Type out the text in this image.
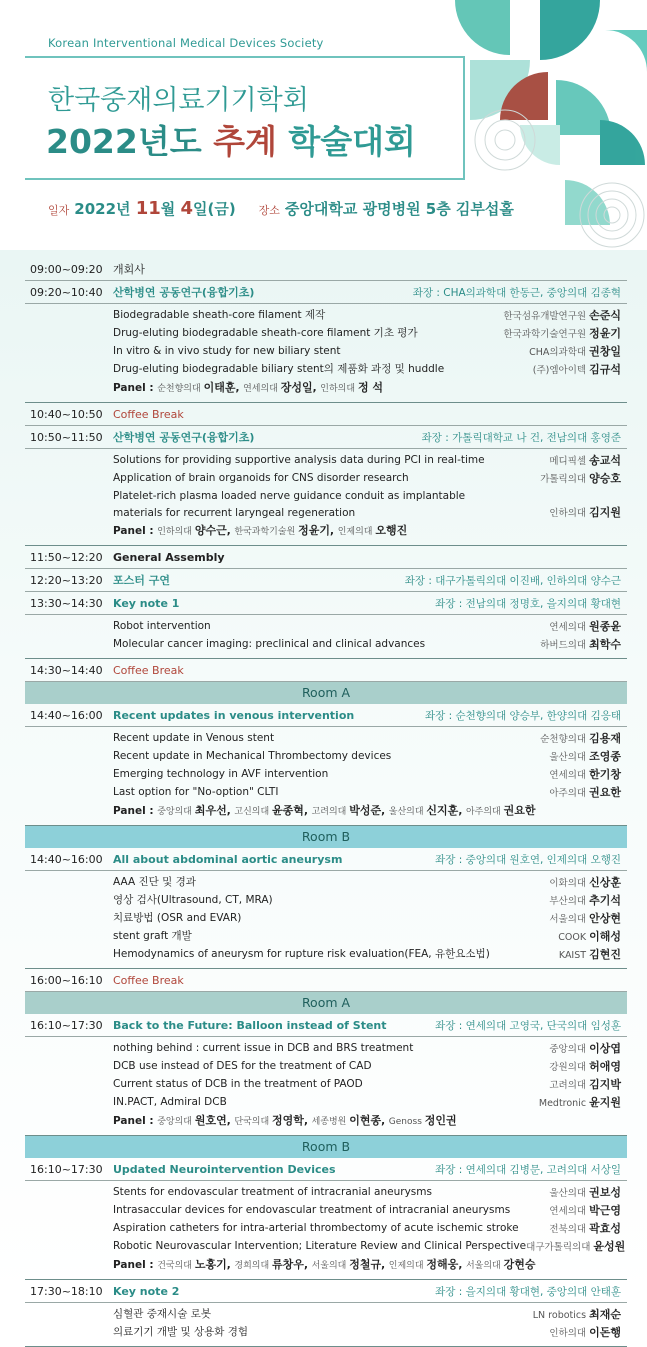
Korean Interventional Medical Devices Society
한국중재의료기기학회
2022년도 추계 학술대회
일자 2022년 11월 4일(금) 장소 중앙대학교 광명병원 5층 김부섭홀
09:00~09:20 개회사
09:20~10:40 산학병연 공동연구(융합기초)	좌장 : CHA의과학대 한동근, 중앙의대 김종혁
Biodegradable sheath-core filament 제작	한국섬유개발연구원 손준식
Drug-eluting biodegradable sheath-core filament 기초 평가	한국과학기술연구원 정윤기
In vitro & in vivo study for new biliary stent	CHA의과학대 권창일
Drug-eluting biodegradable biliary stent의 제품화 과정 및 huddle	(주)엠아이텍 김규석
Panel : 순천향의대 이태훈, 연세의대 장성일, 인하의대 정 석
10:40~10:50 Coffee Break
10:50~11:50 산학병연 공동연구(융합기초)	좌장 : 가톨릭대학교 나 건, 전남의대 홍영준
Solutions for providing supportive analysis data during PCI in real-time	메디픽셀 송교석
Application of brain organoids for CNS disorder research	가톨릭의대 양승호
Platelet-rich plasma loaded nerve guidance conduit as implantable materials for recurrent laryngeal regeneration	인하의대 김지원
Panel : 인하의대 양수근, 한국과학기술원 정윤기, 인제의대 오행진
11:50~12:20 General Assembly
12:20~13:20 포스터 구연	좌장 : 대구가톨릭의대 이진배, 인하의대 양수근
13:30~14:30 Key note 1	좌장 : 전남의대 정명호, 을지의대 황대현
Robot intervention	연세의대 원종윤
Molecular cancer imaging: preclinical and clinical advances	하버드의대 최학수
14:30~14:40 Coffee Break
Room A
14:40~16:00 Recent updates in venous intervention	좌장 : 순천향의대 양승부, 한양의대 김응태
Recent update in Venous stent	순천향의대 김용재
Recent update in Mechanical Thrombectomy devices	울산의대 조영종
Emerging technology in AVF intervention	연세의대 한기창
Last option for "No-option" CLTI	아주의대 권요한
Panel : 중앙의대 최우선, 고신의대 윤종혁, 고려의대 박성준, 울산의대 신지훈, 아주의대 권요한
Room B
14:40~16:00 All about abdominal aortic aneurysm	좌장 : 중앙의대 원호연, 인제의대 오행진
AAA 진단 및 경과	이화의대 신상훈
영상 검사(Ultrasound, CT, MRA)	부산의대 추기석
치료방법 (OSR and EVAR)	서울의대 안상현
stent graft 개발	COOK 이해성
Hemodynamics of aneurysm for rupture risk evaluation(FEA, 유한요소법)	KAIST 김현진
16:00~16:10 Coffee Break
Room A
16:10~17:30 Back to the Future: Balloon instead of Stent	좌장 : 연세의대 고영국, 단국의대 임성훈
nothing behind : current issue in DCB and BRS treatment	중앙의대 이상엽
DCB use instead of DES for the treatment of CAD	강원의대 허애영
Current status of DCB in the treatment of PAOD	고려의대 김지박
IN.PACT, Admiral DCB	Medtronic 윤지원
Panel : 중앙의대 원호연, 단국의대 정영학, 세종병원 이현종, Genoss 정인권
Room B
16:10~17:30 Updated Neurointervention Devices	좌장 : 연세의대 김병문, 고려의대 서상일
Stents for endovascular treatment of intracranial aneurysms	울산의대 권보성
Intrasaccular devices for endovascular treatment of intracranial aneurysms	연세의대 박근영
Aspiration catheters for intra-arterial thrombectomy of acute ischemic stroke	전북의대 곽효성
Robotic Neurovascular Intervention; Literature Review and Clinical Perspective 대구가톨릭의대 윤성원
Panel : 건국의대 노홍기, 경희의대 류창우, 서울의대 정철규, 인제의대 정해웅, 서울의대 강현승
17:30~18:10 Key note 2	좌장 : 을지의대 황대현, 중앙의대 안태훈
심혈관 중재시술 로봇	LN robotics 최재순
의료기기 개발 및 상용화 경험	인하의대 이돈행
